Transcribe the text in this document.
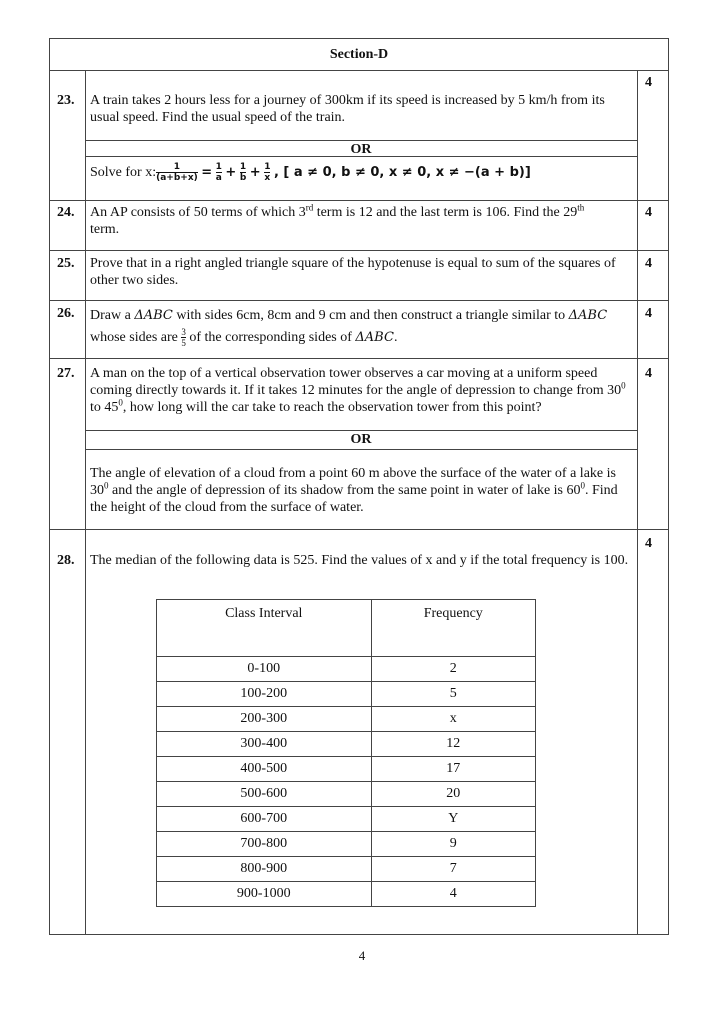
Section-D
23. A train takes 2 hours less for a journey of 300km if its speed is increased by 5 km/h from its usual speed. Find the usual speed of the train.
4
OR
Solve for x: $\frac{1}{(a+b+x)} = \frac{1}{a} + \frac{1}{b} + \frac{1}{x}$ , [ a ≠ 0, b ≠ 0, x ≠ 0, x ≠ −(a + b)]
24. An AP consists of 50 terms of which 3rd term is 12 and the last term is 106. Find the 29th
term.
4
25. Prove that in a right angled triangle square of the hypotenuse is equal to sum of the squares of other two sides.
4
26. Draw a ΔABC with sides 6cm, 8cm and 9 cm and then construct a triangle similar to ΔABC
whose sides are $\frac{3}{5}$ of the corresponding sides of ΔABC.
4
27. A man on the top of a vertical observation tower observes a car moving at a uniform speed coming directly towards it. If it takes 12 minutes for the angle of depression to change from $30^0$ to $45^0$, how long will the car take to reach the observation tower from this point?
4
OR
The angle of elevation of a cloud from a point 60 m above the surface of the water of a lake is $30^0$ and the angle of depression of its shadow from the same point in water of lake is $60^0$. Find the height of the cloud from the surface of water.
28. The median of the following data is 525. Find the values of x and y if the total frequency is 100.
4
Class Interval	Frequency
0-100	2
100-200	5
200-300	x
300-400	12
400-500	17
500-600	20
600-700	Y
700-800	9
800-900	7
900-1000	4
4
